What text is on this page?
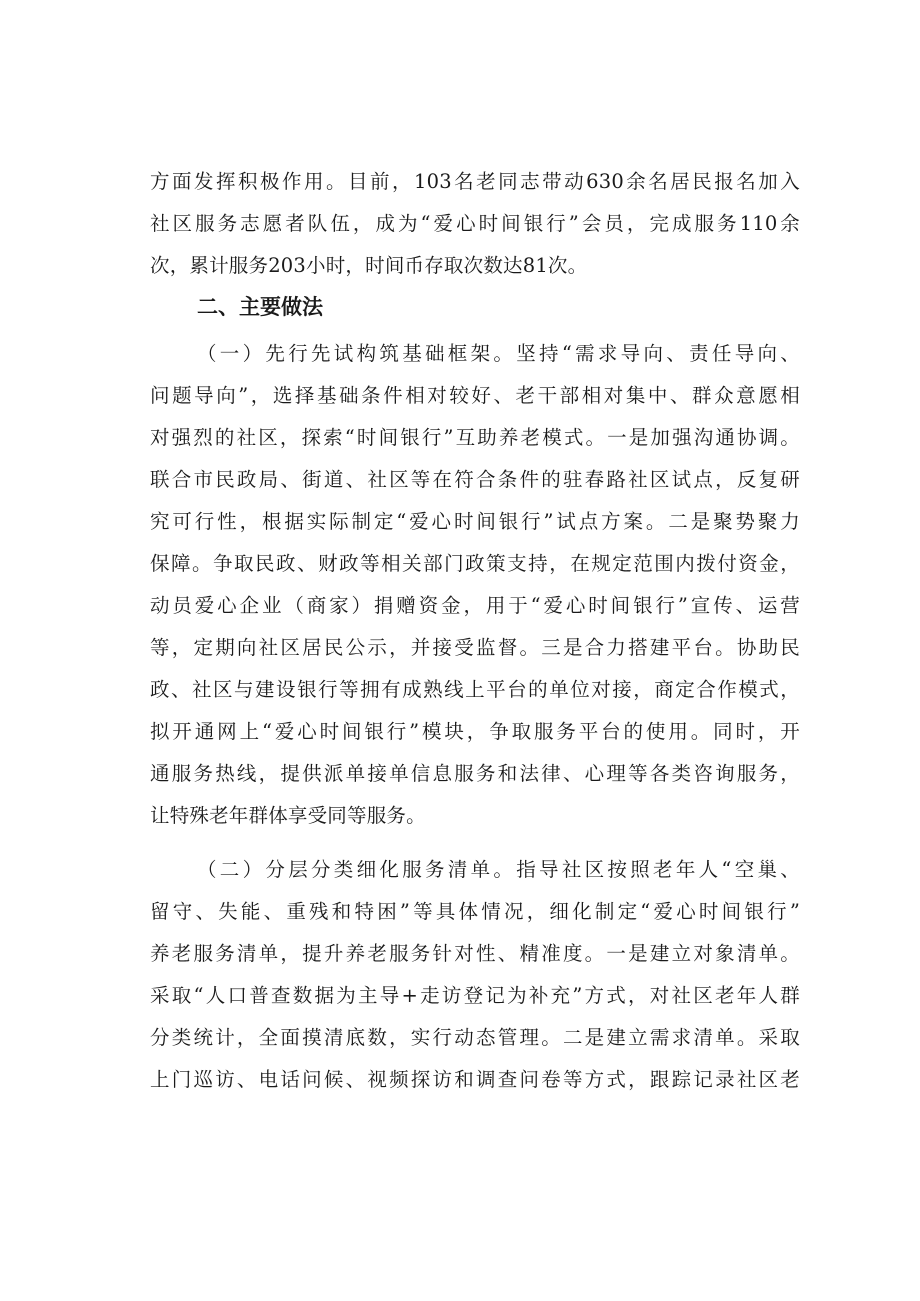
方面发挥积极作用。目前，103名老同志带动630余名居民报名加入
社区服务志愿者队伍，成为“爱心时间银行”会员，完成服务110余
次，累计服务203小时，时间币存取次数达81次。
二、主要做法
（一）先行先试构筑基础框架。坚持“需求导向、责任导向、
问题导向”，选择基础条件相对较好、老干部相对集中、群众意愿相
对强烈的社区，探索“时间银行”互助养老模式。一是加强沟通协调。
联合市民政局、街道、社区等在符合条件的驻春路社区试点，反复研
究可行性，根据实际制定“爱心时间银行”试点方案。二是聚势聚力
保障。争取民政、财政等相关部门政策支持，在规定范围内拨付资金，
动员爱心企业（商家）捐赠资金，用于“爱心时间银行”宣传、运营
等，定期向社区居民公示，并接受监督。三是合力搭建平台。协助民
政、社区与建设银行等拥有成熟线上平台的单位对接，商定合作模式，
拟开通网上“爱心时间银行”模块，争取服务平台的使用。同时，开
通服务热线，提供派单接单信息服务和法律、心理等各类咨询服务，
让特殊老年群体享受同等服务。
（二）分层分类细化服务清单。指导社区按照老年人“空巢、
留守、失能、重残和特困”等具体情况，细化制定“爱心时间银行”
养老服务清单，提升养老服务针对性、精准度。一是建立对象清单。
采取“人口普查数据为主导+走访登记为补充”方式，对社区老年人群
分类统计，全面摸清底数，实行动态管理。二是建立需求清单。采取
上门巡访、电话问候、视频探访和调查问卷等方式，跟踪记录社区老
